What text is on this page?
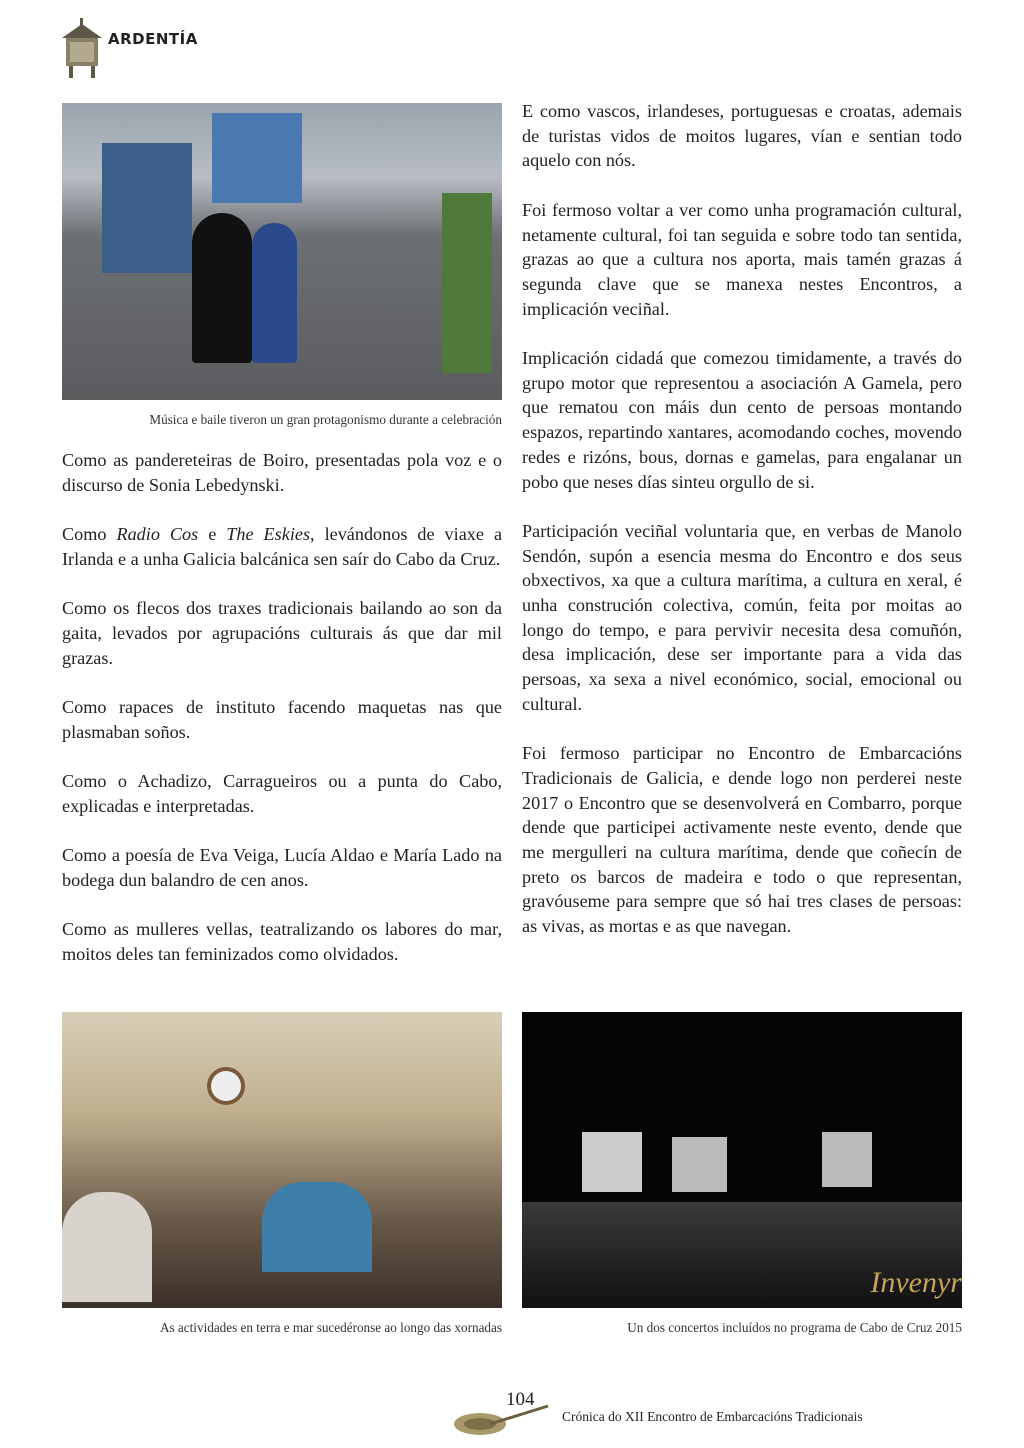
ARDENTÍA
Música e baile tiveron un gran protagonismo durante a celebración

Como as pandereteiras de Boiro, presentadas pola voz e o discurso de Sonia Lebedynski.

Como Radio Cos e The Eskies, levándonos de viaxe a Irlanda e a unha Galicia balcánica sen saír do Cabo da Cruz.

Como os flecos dos traxes tradicionais bailando ao son da gaita, levados por agrupacións culturais ás que dar mil grazas.

Como rapaces de instituto facendo maquetas nas que plasmaban soños.

Como o Achadizo, Carragueiros ou a punta do Cabo, explicadas e interpretadas.

Como a poesía de Eva Veiga, Lucía Aldao e María Lado na bodega dun balandro de cen anos.

Como as mulleres vellas, teatralizando os labores do mar, moitos deles tan feminizados como olvidados.

E como vascos, irlandeses, portuguesas e croatas, ademais de turistas vidos de moitos lugares, vían e sentian todo aquelo con nós.

Foi fermoso voltar a ver como unha programación cultural, netamente cultural, foi tan seguida e sobre todo tan sentida, grazas ao que a cultura nos aporta, mais tamén grazas á segunda clave que se manexa nestes Encontros, a implicación veciñal.

Implicación cidadá que comezou timidamente, a través do grupo motor que representou a asociación A Gamela, pero que rematou con máis dun cento de persoas montando espazos, repartindo xantares, acomodando coches, movendo redes e rizóns, bous, dornas e gamelas, para engalanar un pobo que neses días sinteu orgullo de si.

Participación veciñal voluntaria que, en verbas de Manolo Sendón, supón a esencia mesma do Encontro e dos seus obxectivos, xa que a cultura marítima, a cultura en xeral, é unha construción colectiva, común, feita por moitas ao longo do tempo, e para pervivir necesita desa comuñón, desa implicación, dese ser importante para a vida das persoas, xa sexa a nivel económico, social, emocional ou cultural.

Foi fermoso participar no Encontro de Embarcacións Tradicionais de Galicia, e dende logo non perderei neste 2017 o Encontro que se desenvolverá en Combarro, porque dende que participei activamente neste evento, dende que me mergulleri na cultura marítima, dende que coñecín de preto os barcos de madeira e todo o que representan, gravóuseme para sempre que só hai tres clases de persoas: as vivas, as mortas e as que navegan.

Invenyr
As actividades en terra e mar sucedéronse ao longo das xornadas	Un dos concertos incluídos no programa de Cabo de Cruz 2015
104
Crónica do XII Encontro de Embarcacións Tradicionais
